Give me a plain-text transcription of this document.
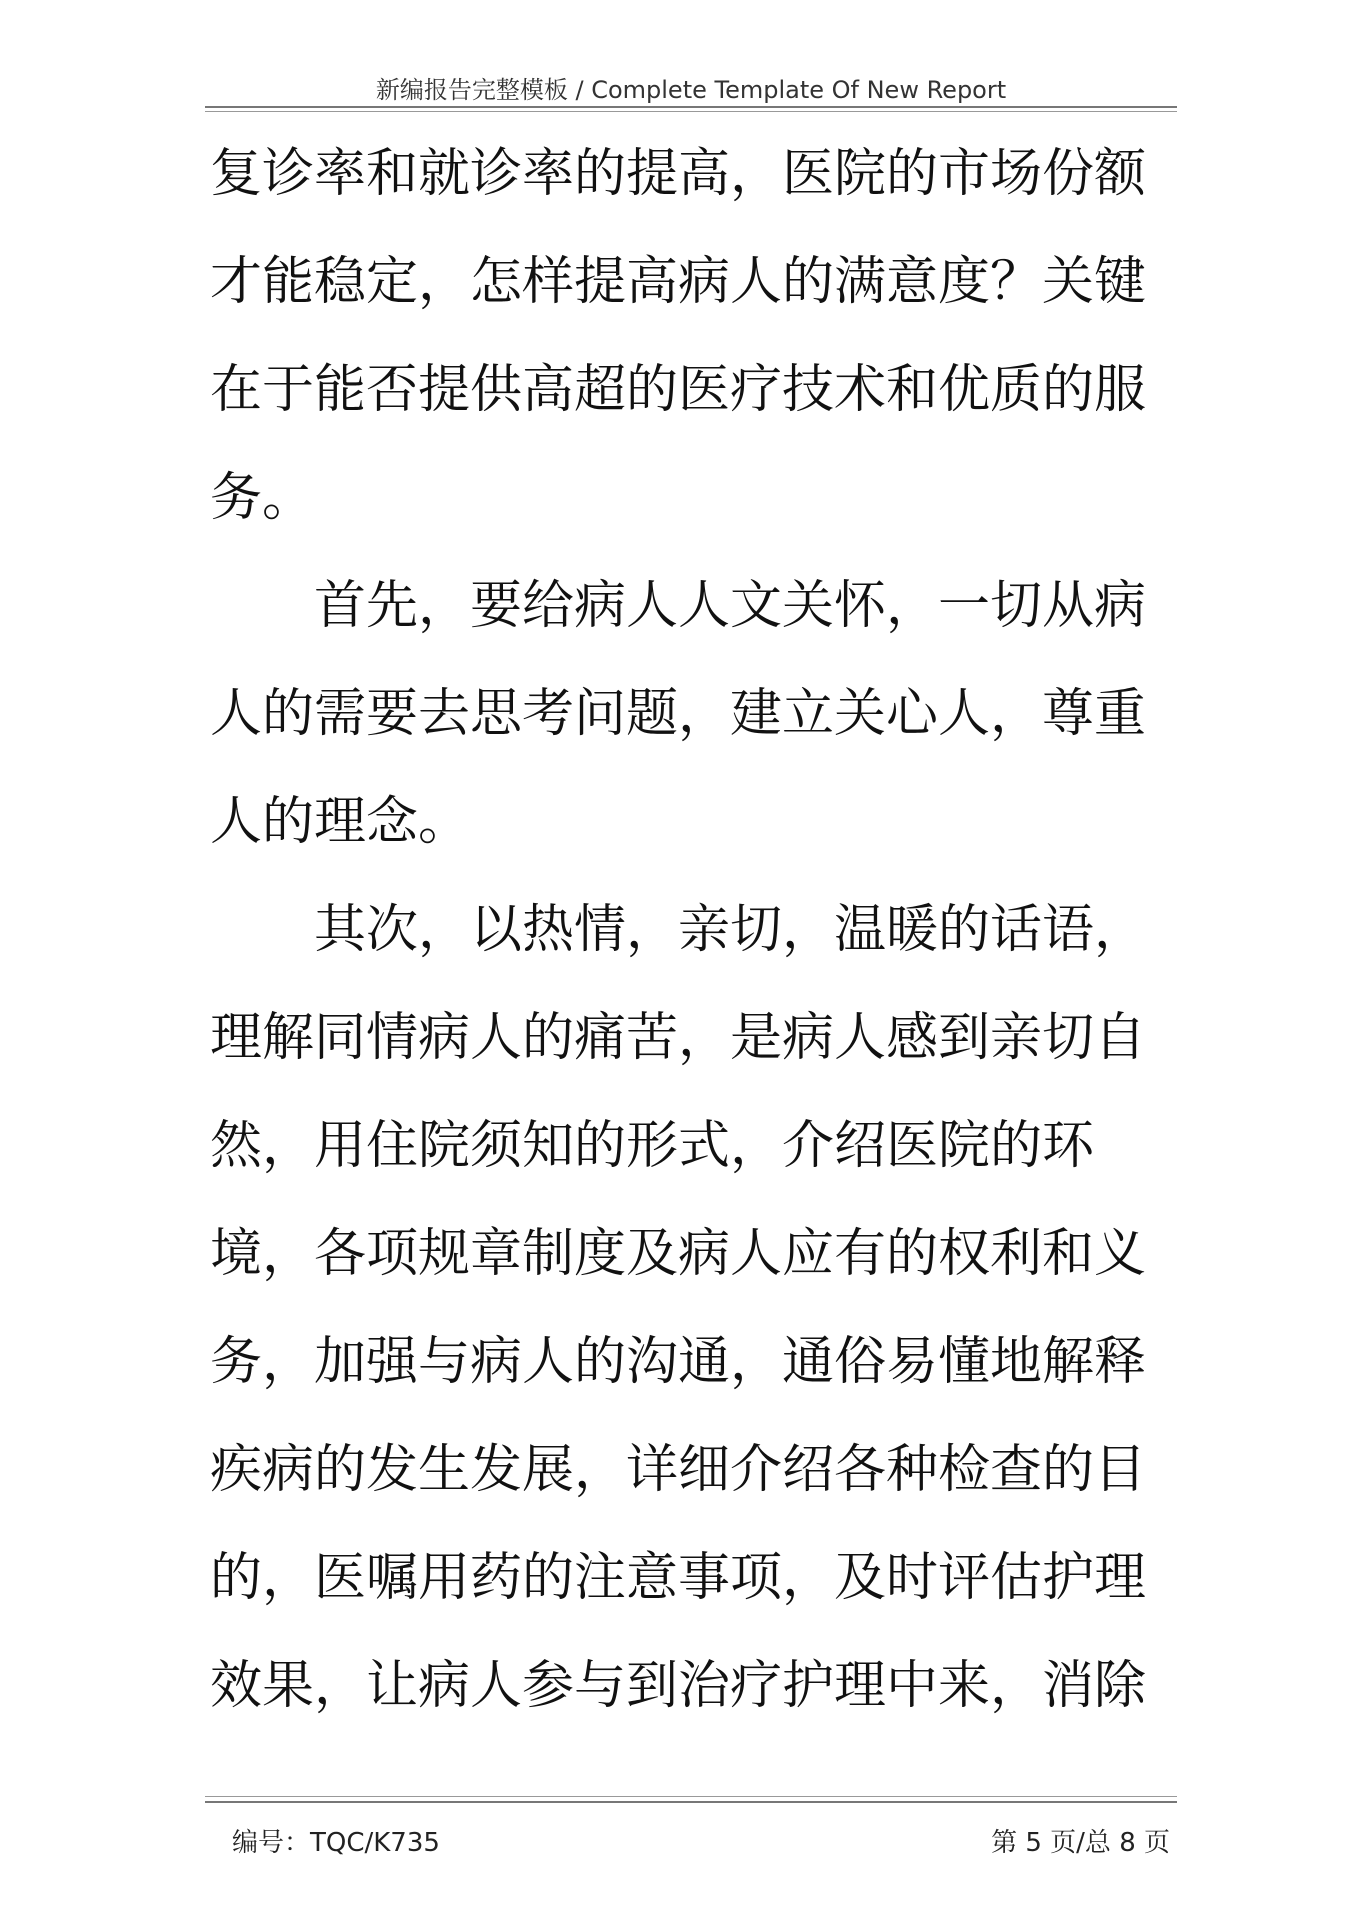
新编报告完整模板 / Complete Template Of New Report
复诊率和就诊率的提高，医院的市场份额
才能稳定，怎样提高病人的满意度？关键
在于能否提供高超的医疗技术和优质的服
务。
首先，要给病人人文关怀，一切从病
人的需要去思考问题，建立关心人，尊重
人的理念。
其次，以热情，亲切，温暖的话语，
理解同情病人的痛苦，是病人感到亲切自
然，用住院须知的形式，介绍医院的环
境，各项规章制度及病人应有的权利和义
务，加强与病人的沟通，通俗易懂地解释
疾病的发生发展，详细介绍各种检查的目
的，医嘱用药的注意事项，及时评估护理
效果，让病人参与到治疗护理中来，消除
编号：TQC/K735	第 5 页/总 8 页
